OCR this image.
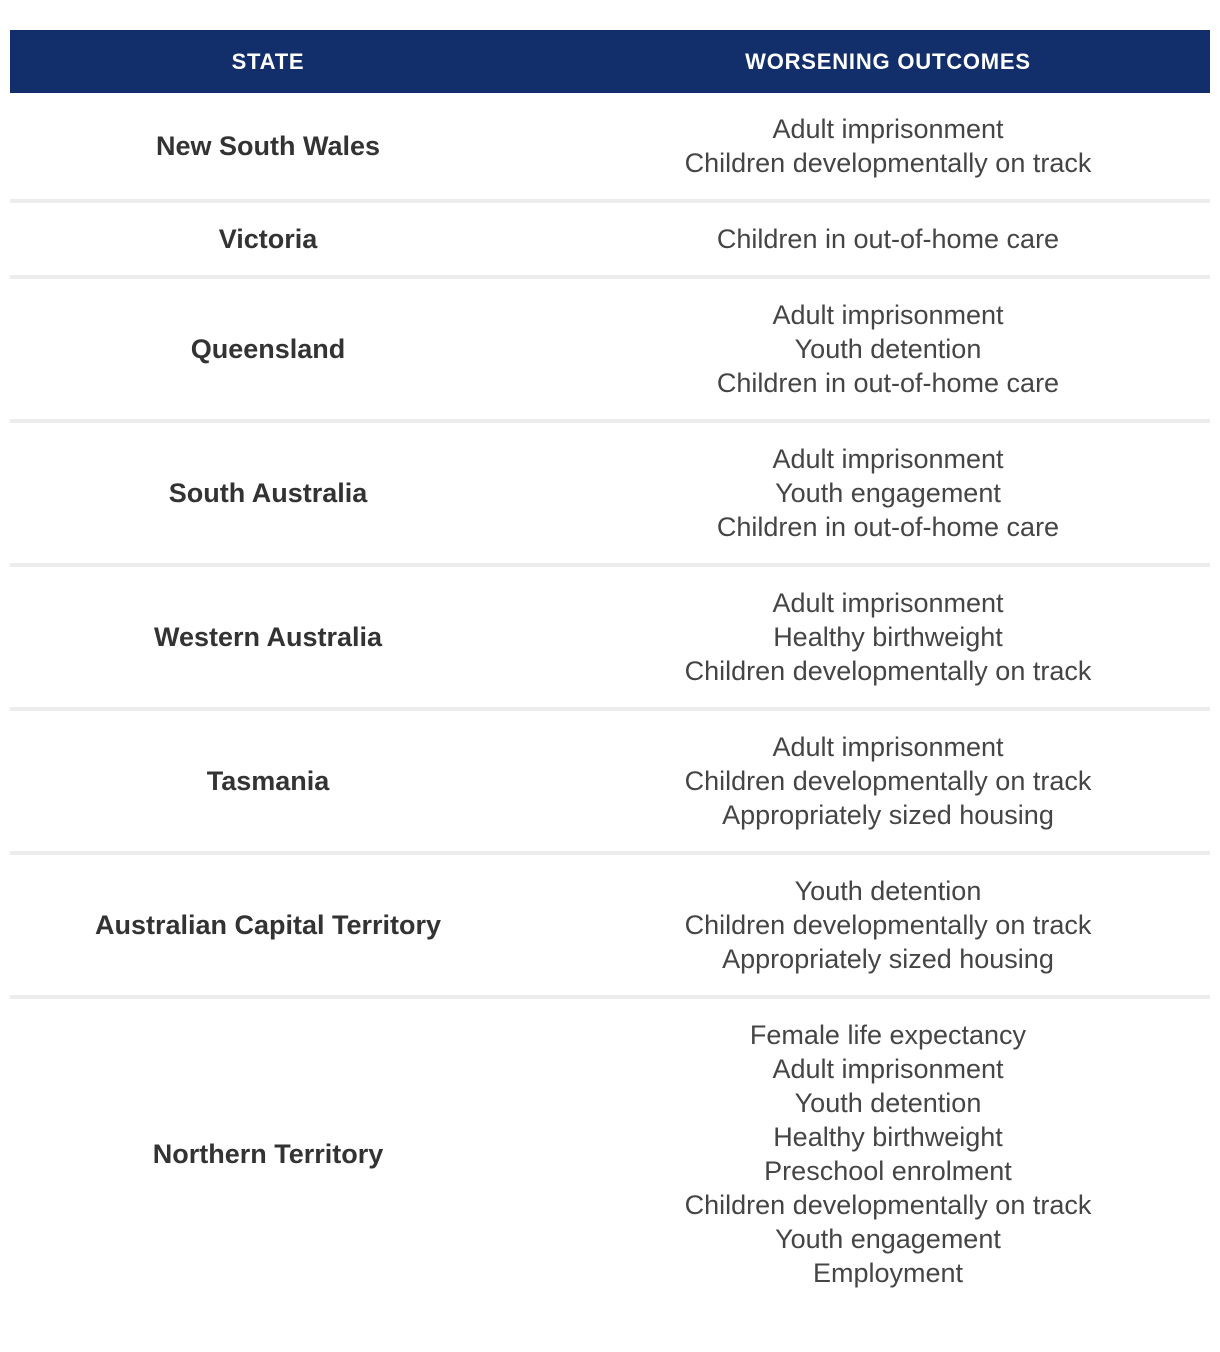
STATE	WORSENING OUTCOMES
New South Wales
Adult imprisonment
Children developmentally on track
Victoria	Children in out-of-home care
Queensland
Adult imprisonment
Youth detention
Children in out-of-home care
South Australia
Adult imprisonment
Youth engagement
Children in out-of-home care
Western Australia
Adult imprisonment
Healthy birthweight
Children developmentally on track
Tasmania
Adult imprisonment
Children developmentally on track
Appropriately sized housing
Australian Capital Territory
Youth detention
Children developmentally on track
Appropriately sized housing
Northern Territory
Female life expectancy
Adult imprisonment
Youth detention
Healthy birthweight
Preschool enrolment
Children developmentally on track
Youth engagement
Employment
